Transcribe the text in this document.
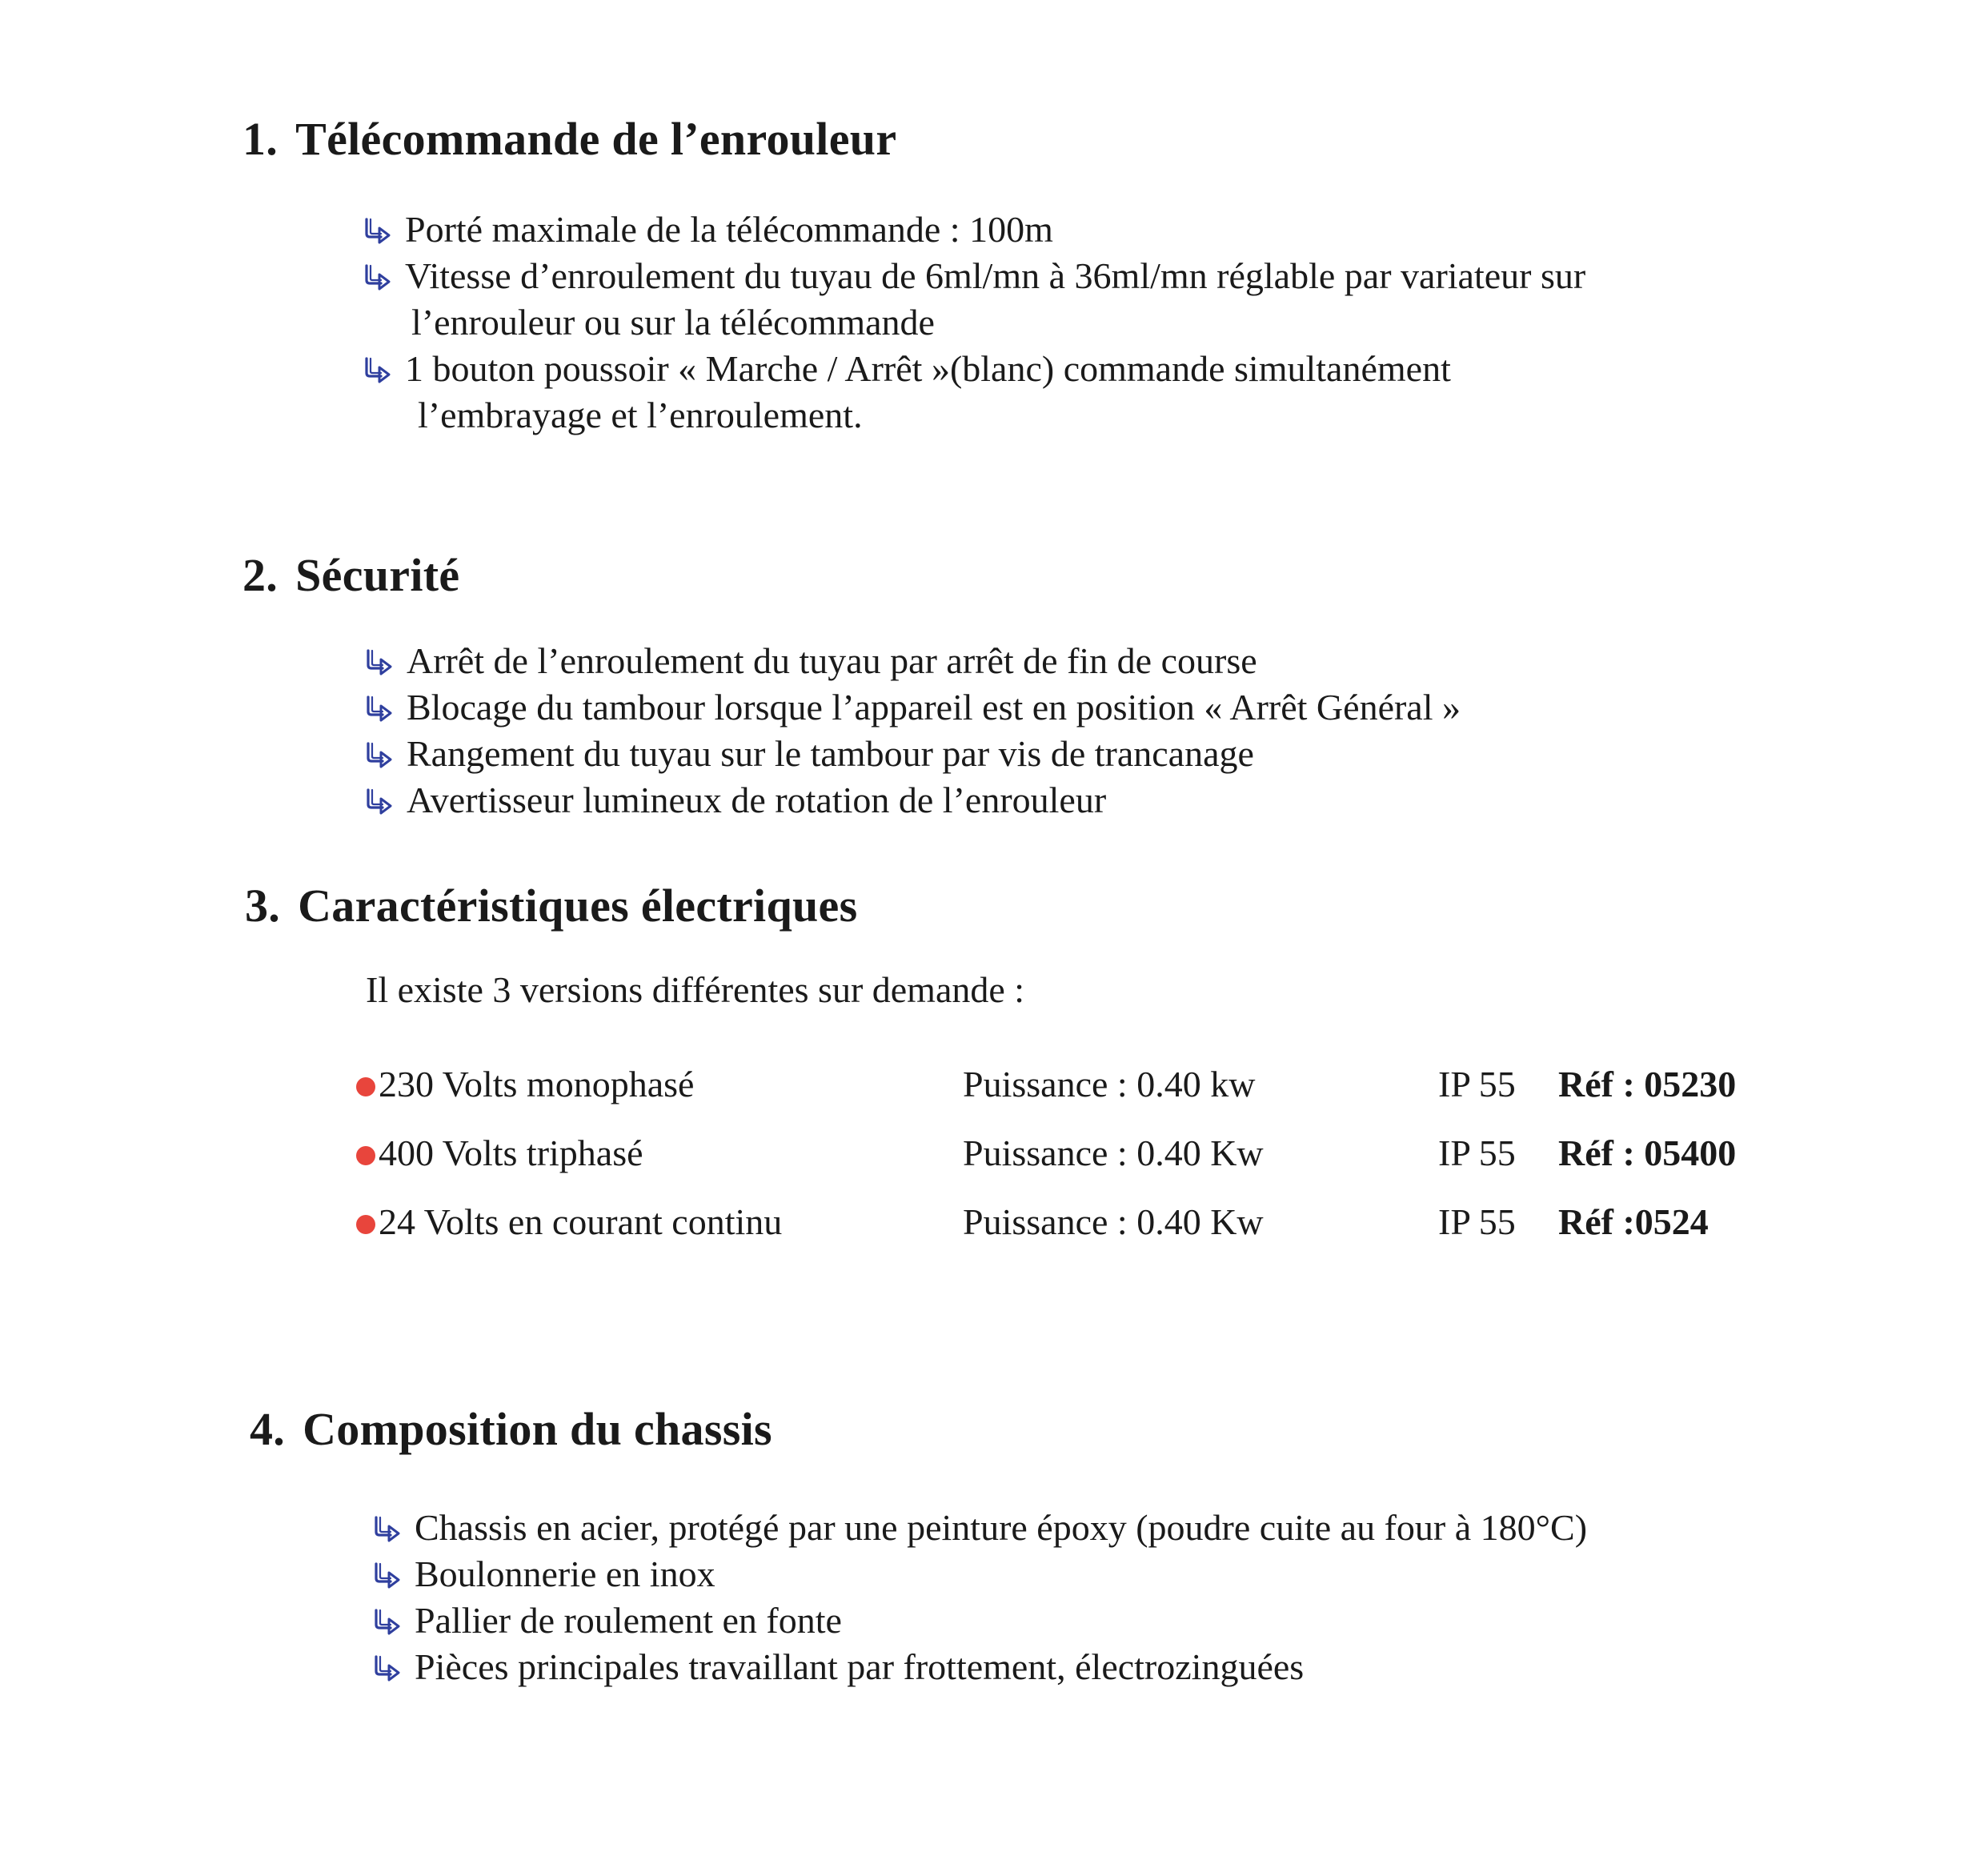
1. Télécommande de l’enrouleur
Porté maximale de la télécommande : 100m
Vitesse d’enroulement du tuyau de 6ml/mn à 36ml/mn réglable par variateur sur
l’enrouleur ou sur la télécommande
1 bouton poussoir « Marche / Arrêt »(blanc) commande simultanément
l’embrayage et l’enroulement.
2. Sécurité
Arrêt de l’enroulement du tuyau par arrêt de fin de course
Blocage du tambour lorsque l’appareil est en position « Arrêt Général »
Rangement du tuyau sur le tambour par vis de trancanage
Avertisseur lumineux de rotation de l’enrouleur
3. Caractéristiques électriques
Il existe 3 versions différentes sur demande :
230 Volts monophasé	Puissance : 0.40 kw	IP 55 Réf : 05230
400 Volts triphasé	Puissance : 0.40 Kw	IP 55 Réf : 05400
24 Volts en courant continu	Puissance : 0.40 Kw	IP 55 Réf :0524
4. Composition du chassis
Chassis en acier, protégé par une peinture époxy (poudre cuite au four à 180°C)
Boulonnerie en inox
Pallier de roulement en fonte
Pièces principales travaillant par frottement, électrozinguées
